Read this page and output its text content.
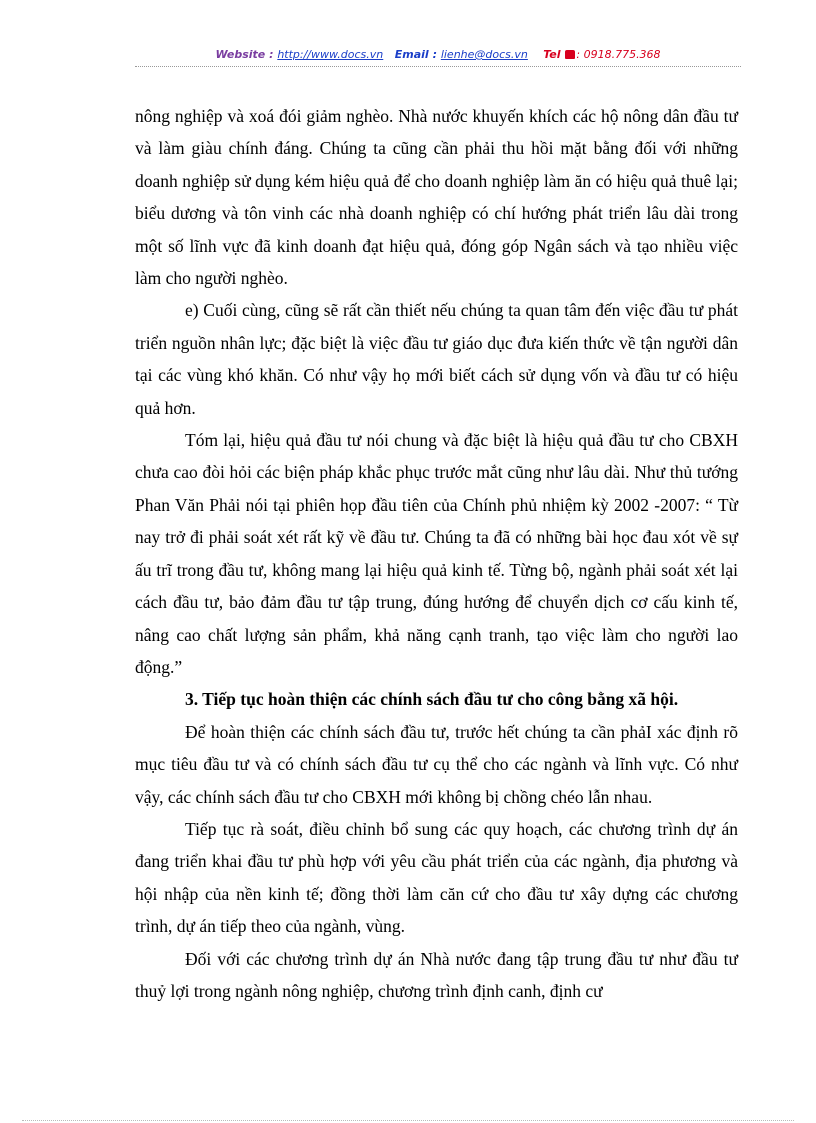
Website : http://www.docs.vn Email : lienhe@docs.vn Tel : 0918.775.368

nông nghiệp và xoá đói giảm nghèo. Nhà nước khuyến khích các hộ nông dân đầu tư và làm giàu chính đáng. Chúng ta cũng cần phải thu hồi mặt bằng đối với những doanh nghiệp sử dụng kém hiệu quả để cho doanh nghiệp làm ăn có hiệu quả thuê lại; biểu dương và tôn vinh các nhà doanh nghiệp có chí hướng phát triển lâu dài trong một số lĩnh vực đã kinh doanh đạt hiệu quả, đóng góp Ngân sách và tạo nhiều việc làm cho người nghèo.

e) Cuối cùng, cũng sẽ rất cần thiết nếu chúng ta quan tâm đến việc đầu tư phát triển nguồn nhân lực; đặc biệt là việc đầu tư giáo dục đưa kiến thức về tận người dân tại các vùng khó khăn. Có như vậy họ mới biết cách sử dụng vốn và đầu tư có hiệu quả hơn.

Tóm lại, hiệu quả đầu tư nói chung và đặc biệt là hiệu quả đầu tư cho CBXH chưa cao đòi hỏi các biện pháp khắc phục trước mắt cũng như lâu dài. Như thủ tướng Phan Văn Phải nói tại phiên họp đầu tiên của Chính phủ nhiệm kỳ 2002 -2007: “ Từ nay trở đi phải soát xét rất kỹ về đầu tư. Chúng ta đã có những bài học đau xót về sự ấu trĩ trong đầu tư, không mang lại hiệu quả kinh tế. Từng bộ, ngành phải soát xét lại cách đầu tư, bảo đảm đầu tư tập trung, đúng hướng để chuyển dịch cơ cấu kinh tế, nâng cao chất lượng sản phẩm, khả năng cạnh tranh, tạo việc làm cho người lao động.”

3. Tiếp tục hoàn thiện các chính sách đầu tư cho công bằng xã hội.

Để hoàn thiện các chính sách đầu tư, trước hết chúng ta cần phảI xác định rõ mục tiêu đầu tư và có chính sách đầu tư cụ thể cho các ngành và lĩnh vực. Có như vậy, các chính sách đầu tư cho CBXH mới không bị chồng chéo lẫn nhau.

Tiếp tục rà soát, điều chỉnh bổ sung các quy hoạch, các chương trình dự án đang triển khai đầu tư phù hợp với yêu cầu phát triển của các ngành, địa phương và hội nhập của nền kinh tế; đồng thời làm căn cứ cho đầu tư xây dựng các chương trình, dự án tiếp theo của ngành, vùng.

Đối với các chương trình dự án Nhà nước đang tập trung đầu tư như đầu tư thuỷ lợi trong ngành nông nghiệp, chương trình định canh, định cư
